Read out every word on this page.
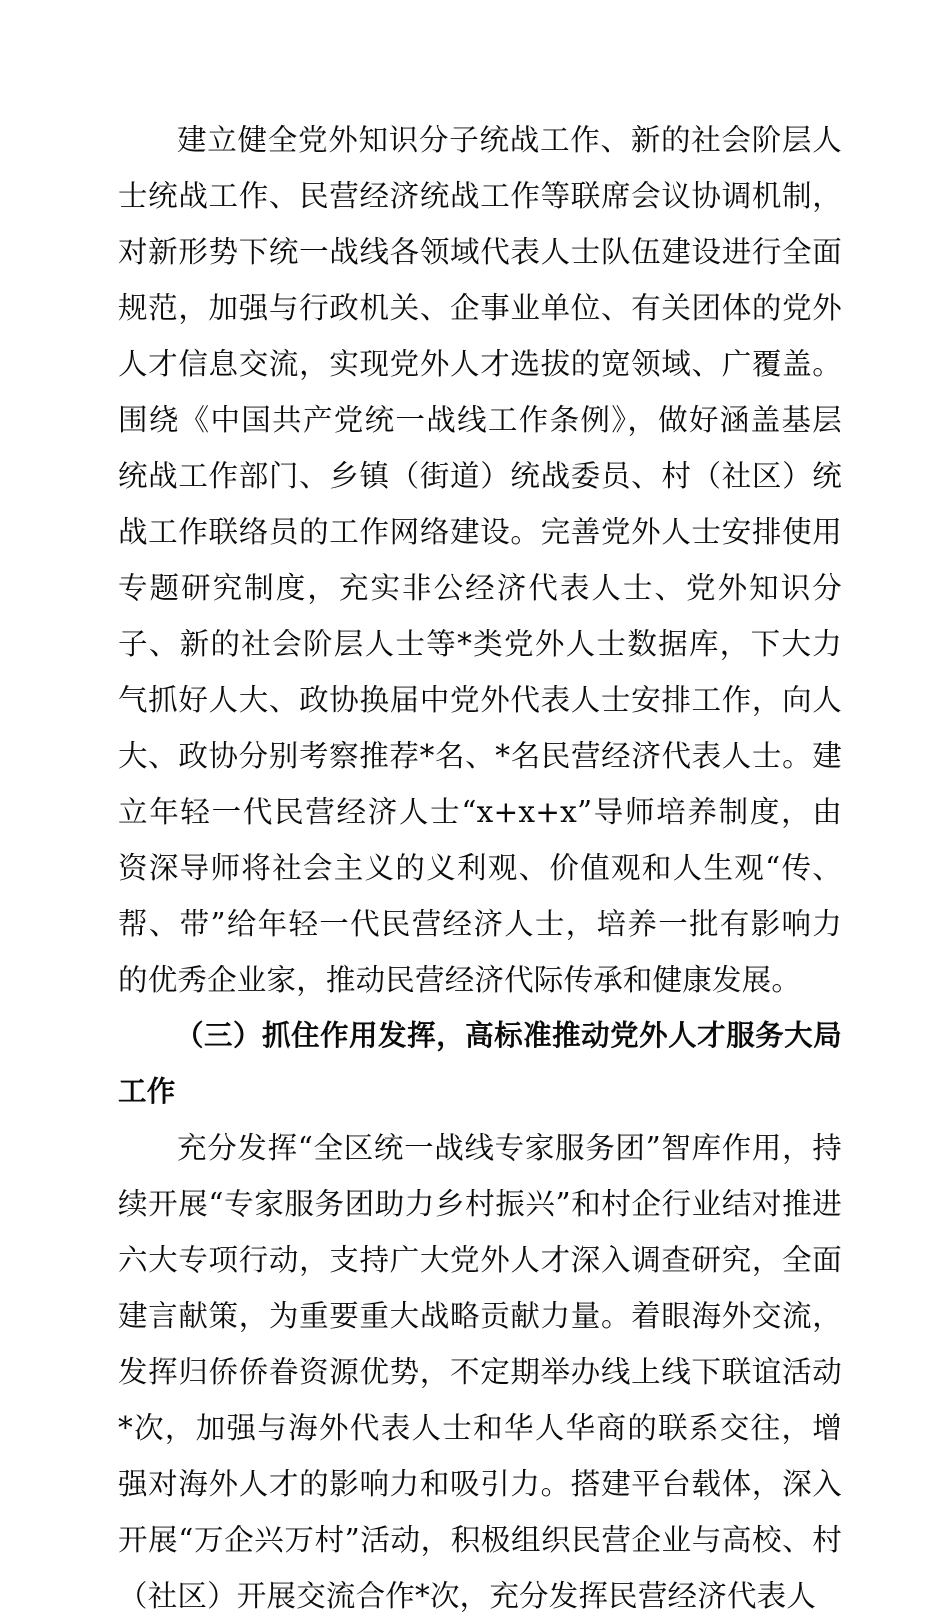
建立健全党外知识分子统战工作、新的社会阶层人士统战工作、民营经济统战工作等联席会议协调机制，对新形势下统一战线各领域代表人士队伍建设进行全面规范，加强与行政机关、企事业单位、有关团体的党外人才信息交流，实现党外人才选拔的宽领域、广覆盖。围绕《中国共产党统一战线工作条例》，做好涵盖基层统战工作部门、乡镇（街道）统战委员、村（社区）统战工作联络员的工作网络建设。完善党外人士安排使用专题研究制度，充实非公经济代表人士、党外知识分子、新的社会阶层人士等*类党外人士数据库，下大力气抓好人大、政协换届中党外代表人士安排工作，向人大、政协分别考察推荐*名、*名民营经济代表人士。建立年轻一代民营经济人士“x+x+x”导师培养制度，由资深导师将社会主义的义利观、价值观和人生观“传、帮、带”给年轻一代民营经济人士，培养一批有影响力的优秀企业家，推动民营经济代际传承和健康发展。

（三）抓住作用发挥，高标准推动党外人才服务大局工作

充分发挥“全区统一战线专家服务团”智库作用，持续开展“专家服务团助力乡村振兴”和村企行业结对推进六大专项行动，支持广大党外人才深入调查研究，全面建言献策，为重要重大战略贡献力量。着眼海外交流，发挥归侨侨眷资源优势，不定期举办线上线下联谊活动*次，加强与海外代表人士和华人华商的联系交往，增强对海外人才的影响力和吸引力。搭建平台载体，深入开展“万企兴万村”活动，积极组织民营企业与高校、村（社区）开展交流合作*次，充分发挥民营经济代表人
